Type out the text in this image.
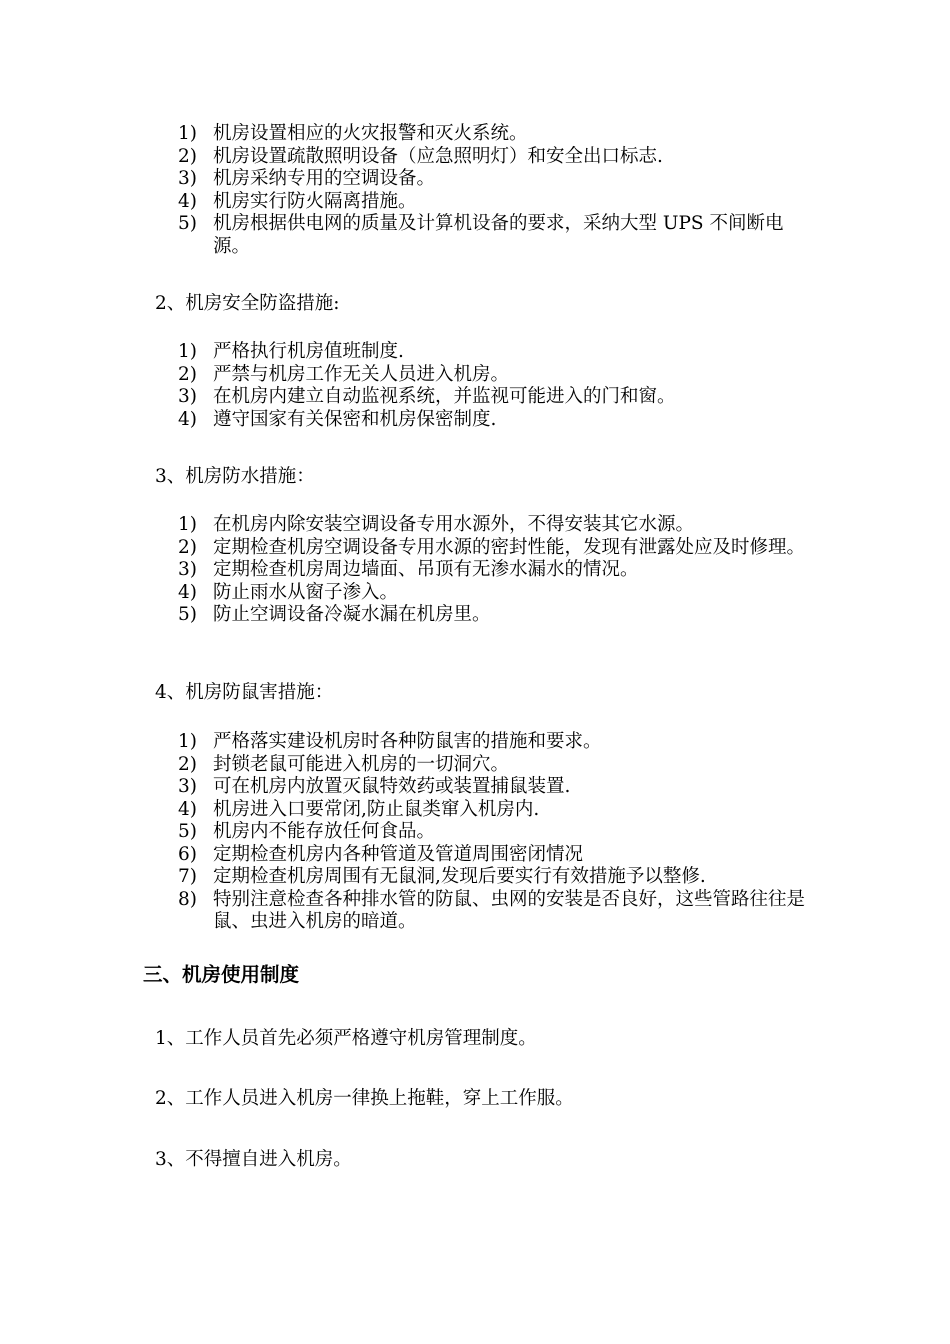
1) 机房设置相应的火灾报警和灭火系统。
2) 机房设置疏散照明设备（应急照明灯）和安全出口标志.
3) 机房采纳专用的空调设备。
4) 机房实行防火隔离措施。
5) 机房根据供电网的质量及计算机设备的要求，采纳大型 UPS 不间断电源。
2、机房安全防盗措施:
1) 严格执行机房值班制度.
2) 严禁与机房工作无关人员进入机房。
3) 在机房内建立自动监视系统，并监视可能进入的门和窗。
4) 遵守国家有关保密和机房保密制度.
3、机房防水措施：
1) 在机房内除安装空调设备专用水源外，不得安装其它水源。
2) 定期检查机房空调设备专用水源的密封性能，发现有泄露处应及时修理。
3) 定期检查机房周边墙面、吊顶有无渗水漏水的情况。
4) 防止雨水从窗子渗入。
5) 防止空调设备冷凝水漏在机房里。
4、机房防鼠害措施：
1) 严格落实建设机房时各种防鼠害的措施和要求。
2) 封锁老鼠可能进入机房的一切洞穴。
3) 可在机房内放置灭鼠特效药或装置捕鼠装置.
4) 机房进入口要常闭,防止鼠类窜入机房内.
5) 机房内不能存放任何食品。
6) 定期检查机房内各种管道及管道周围密闭情况
7) 定期检查机房周围有无鼠洞,发现后要实行有效措施予以整修.
8) 特别注意检查各种排水管的防鼠、虫网的安装是否良好，这些管路往往是鼠、虫进入机房的暗道。
三、机房使用制度
1、工作人员首先必须严格遵守机房管理制度。
2、工作人员进入机房一律换上拖鞋，穿上工作服。
3、不得擅自进入机房。
